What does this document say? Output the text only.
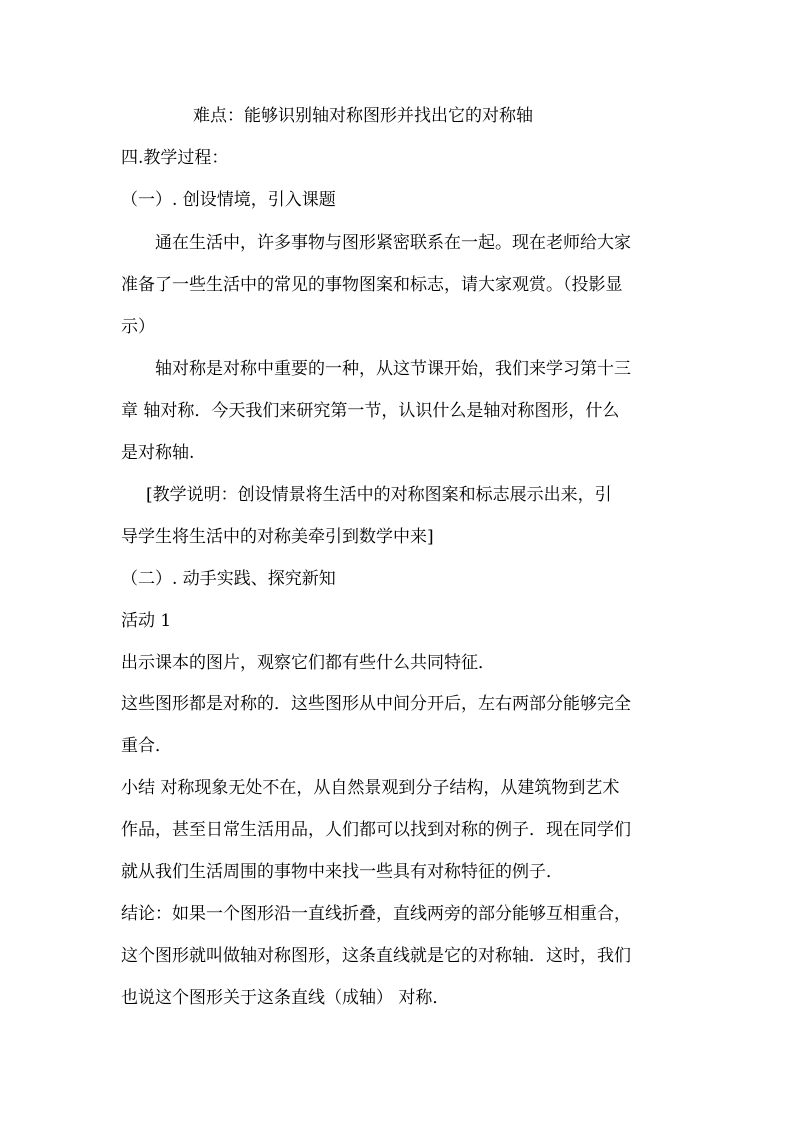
难点：能够识别轴对称图形并找出它的对称轴
四.教学过程：
（一）. 创设情境，引入课题
通在生活中，许多事物与图形紧密联系在一起。现在老师给大家
准备了一些生活中的常见的事物图案和标志，请大家观赏。（投影显
示）
轴对称是对称中重要的一种，从这节课开始，我们来学习第十三
章 轴对称．今天我们来研究第一节，认识什么是轴对称图形，什么
是对称轴.
[教学说明：创设情景将生活中的对称图案和标志展示出来，引
导学生将生活中的对称美牵引到数学中来]
（二）. 动手实践、探究新知
活动 1
出示课本的图片，观察它们都有些什么共同特征．
这些图形都是对称的．这些图形从中间分开后，左右两部分能够完全
重合．
小结 对称现象无处不在，从自然景观到分子结构，从建筑物到艺术
作品，甚至日常生活用品，人们都可以找到对称的例子．现在同学们
就从我们生活周围的事物中来找一些具有对称特征的例子．
结论：如果一个图形沿一直线折叠，直线两旁的部分能够互相重合，
这个图形就叫做轴对称图形，这条直线就是它的对称轴．这时，我们
也说这个图形关于这条直线（成轴） 对称．
